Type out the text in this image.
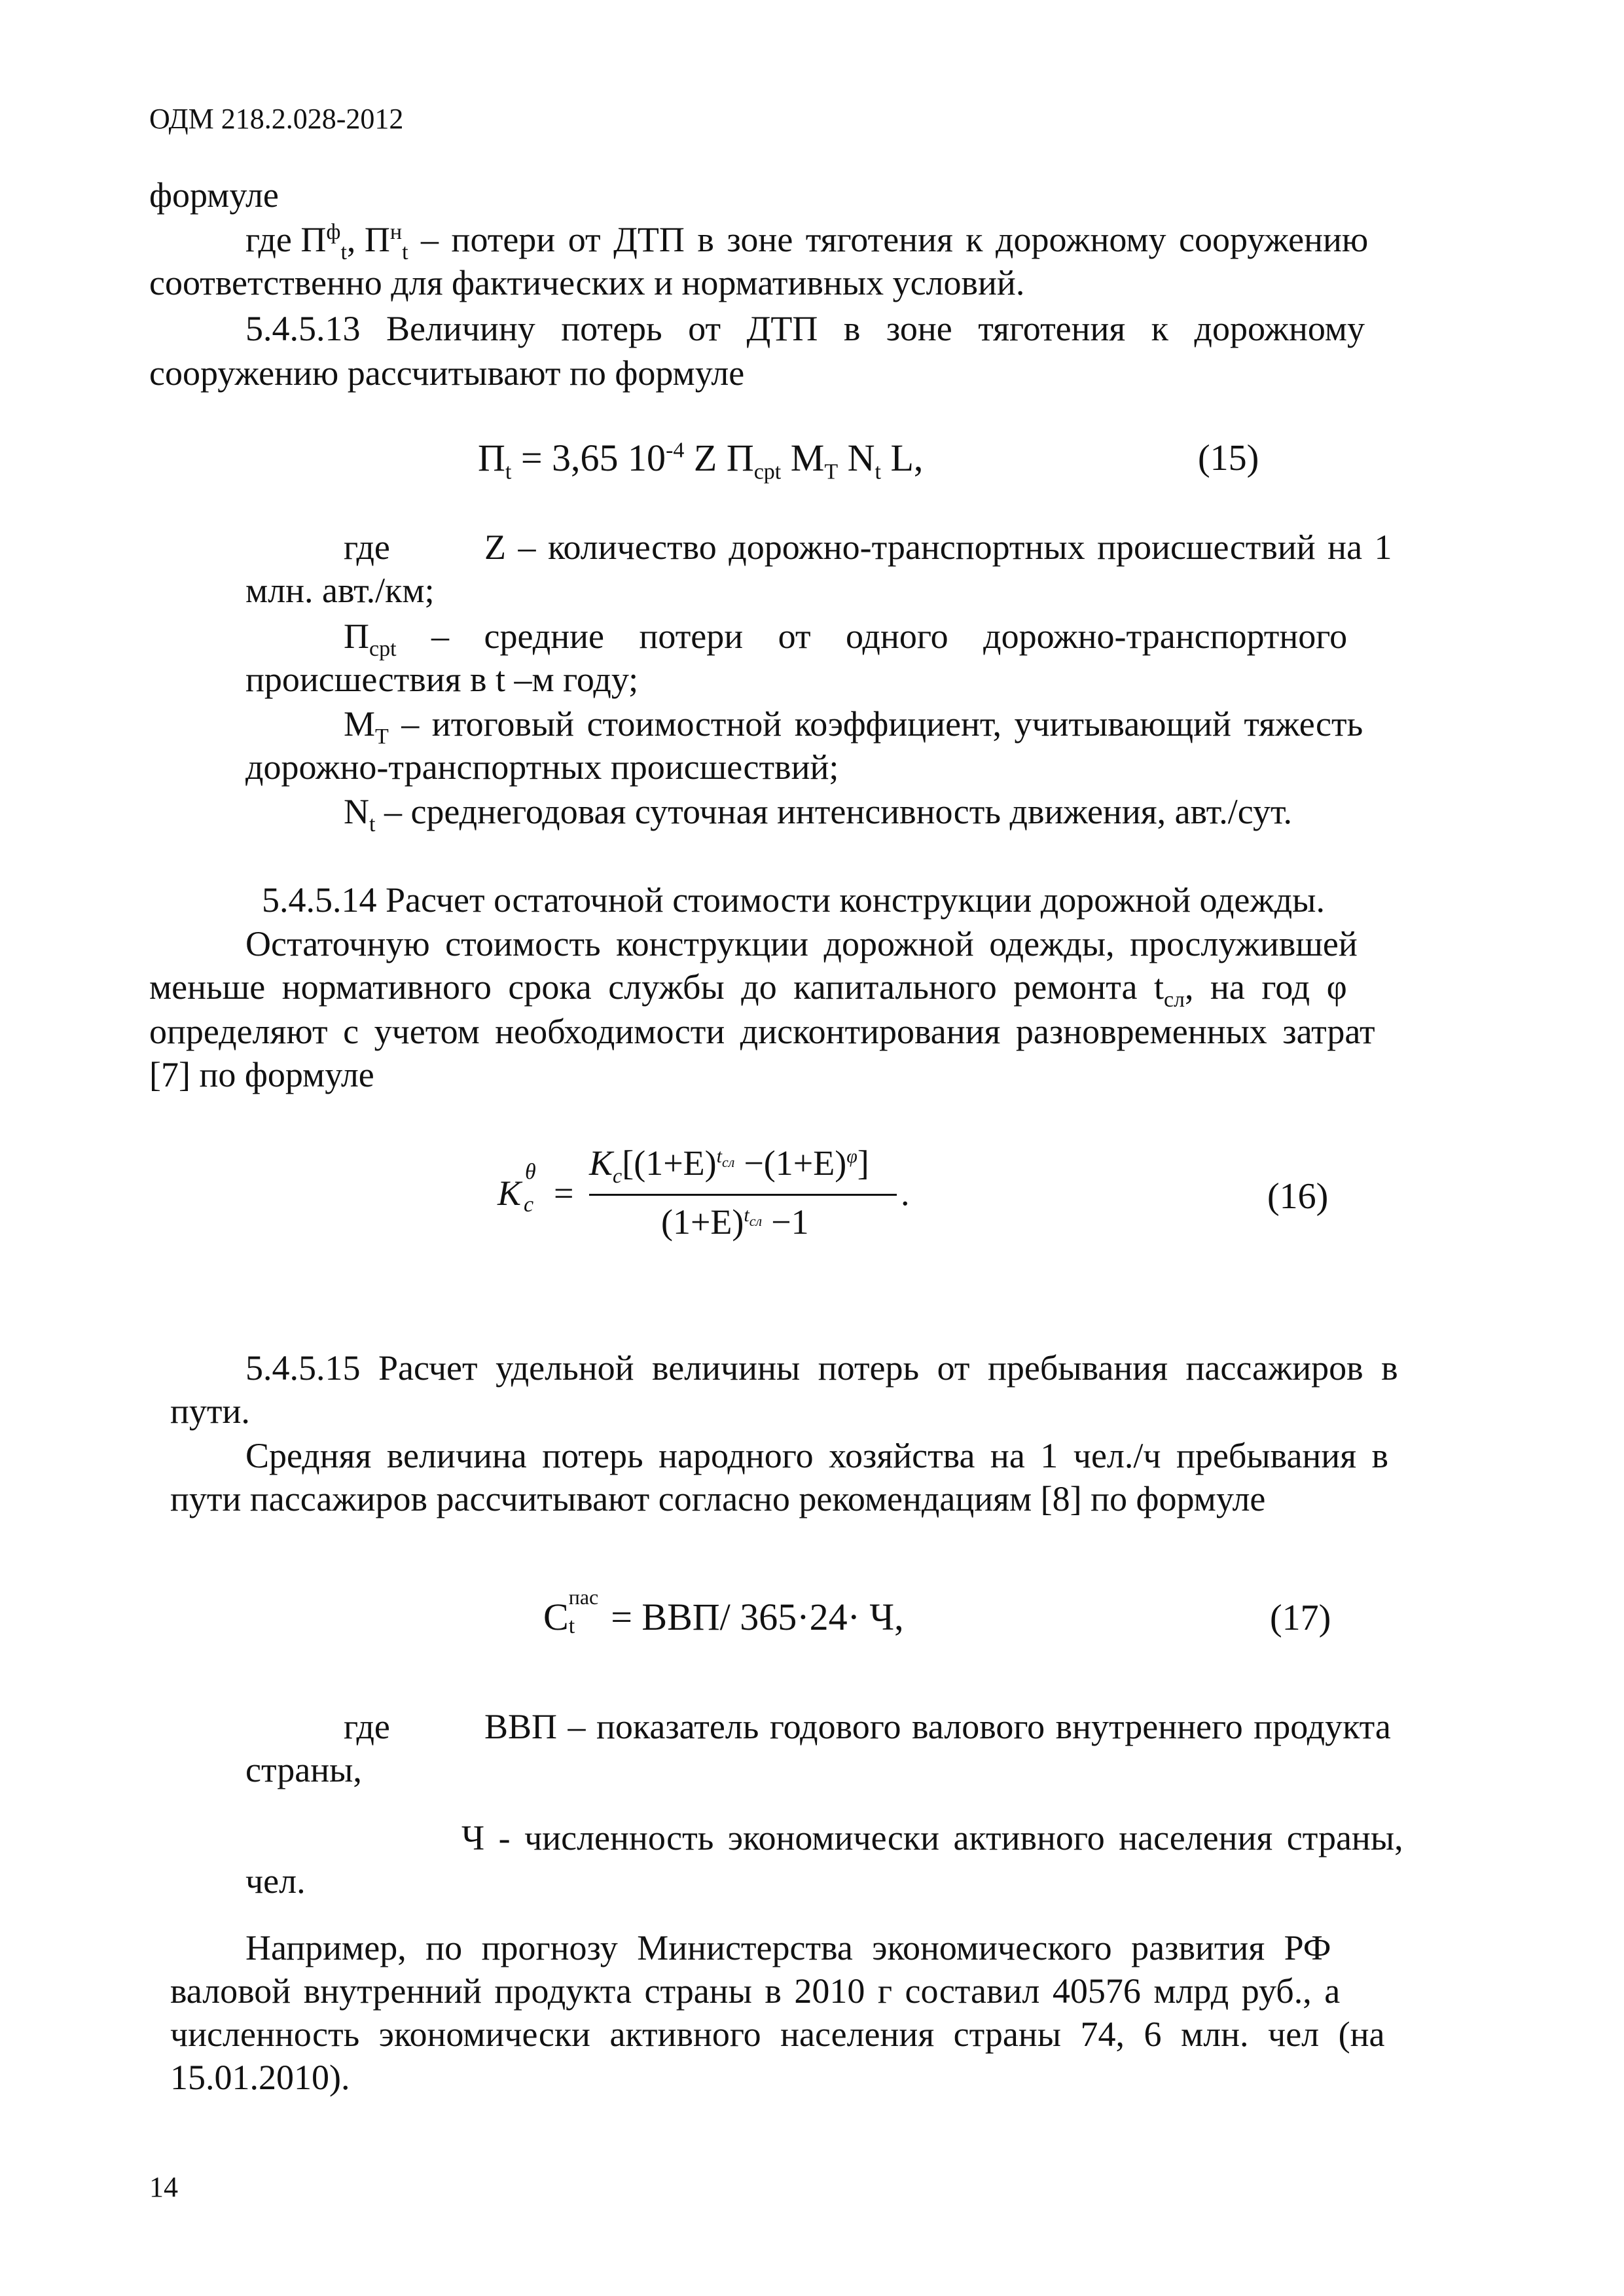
ОДМ 218.2.028-2012
формуле
где $П^ф_t$, $П^н_t$ – потери от ДТП в зоне тяготения к дорожному сооружению
соответственно для фактических и нормативных условий.
5.4.5.13 Величину потерь от ДТП в зоне тяготения к дорожному
сооружению рассчитывают по формуле
$П_t = 3,65$ $10^{-4}$ Z $П_{срt}$ $M_T$ $N_t$ L,	(15)
где	Z – количество дорожно-транспортных происшествий на 1
млн. авт./км;
$П_{срt}$ – средние потери от одного дорожно-транспортного
происшествия в t –м году;
$M_T$ – итоговый стоимостной коэффициент, учитывающий тяжесть
дорожно-транспортных происшествий;
$N_t$ – среднегодовая суточная интенсивность движения, авт./сут.
5.4.5.14 Расчет остаточной стоимости конструкции дорожной одежды.
Остаточную стоимость конструкции дорожной одежды, прослужившей
меньше нормативного срока службы до капитального ремонта $t_{сл}$, на год φ
определяют с учетом необходимости дисконтирования разновременных затрат
[7] по формуле
K
θ
c =
$K_c[(1+E)^{t_{сл}} -(1+E)^\varphi]$
.
$(1+E)^{t_{сл}} -1$
(16)
5.4.5.15 Расчет удельной величины потерь от пребывания пассажиров в
пути.
Средняя величина потерь народного хозяйства на 1 чел./ч пребывания в
пути пассажиров рассчитывают согласно рекомендациям [8] по формуле
C пас
t = ВВП/ 365·24· Ч,	(17)
где	ВВП – показатель годового валового внутреннего продукта
страны,
Ч - численность экономически активного населения страны,
чел.
Например, по прогнозу Министерства экономического развития РФ
валовой внутренний продукта страны в 2010 г составил 40576 млрд руб., а
численность экономически активного населения страны 74, 6 млн. чел (на
15.01.2010).
14
